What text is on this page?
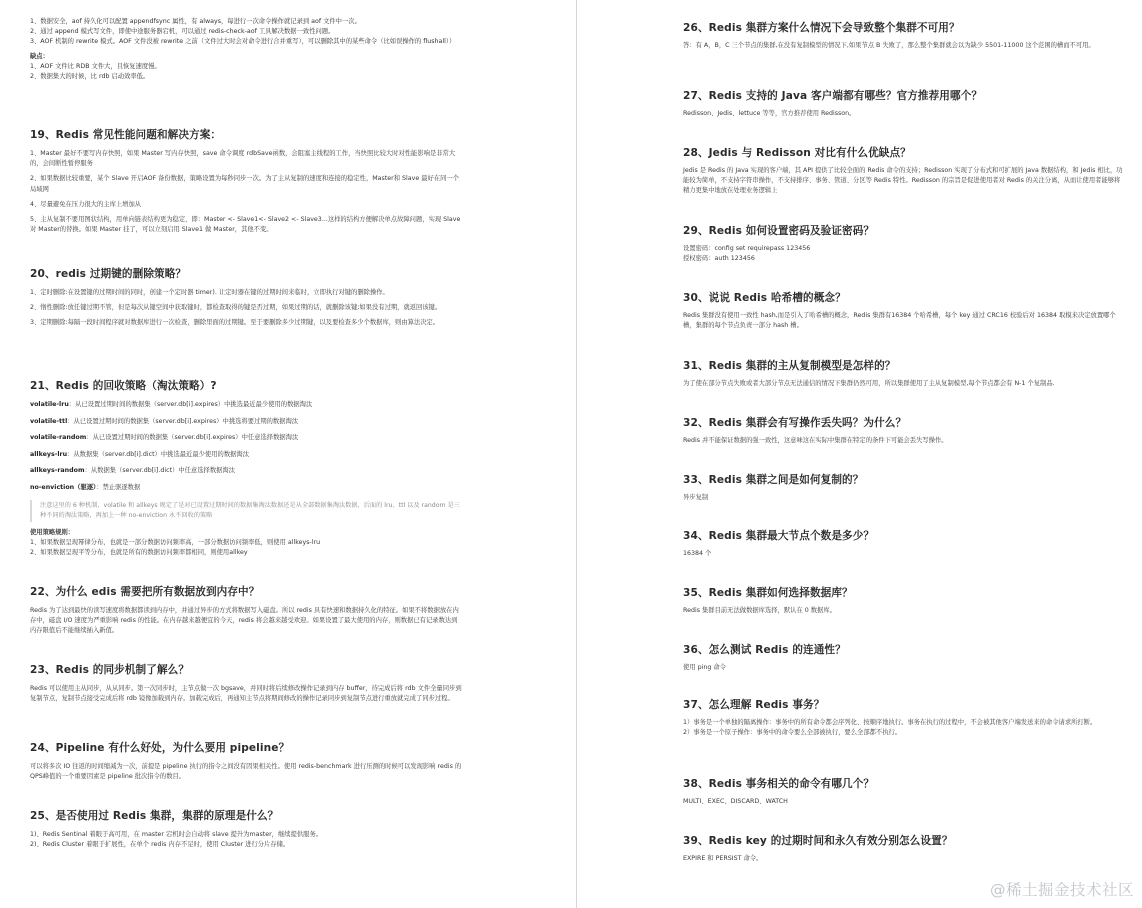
1、数据安全，aof 持久化可以配置 appendfsync 属性，有 always，每进行一次命令操作就记录到 aof 文件中一次。

2、通过 append 模式写文件，即使中途服务器宕机，可以通过 redis-check-aof 工具解决数据一致性问题。

3、AOF 机制的 rewrite 模式。AOF 文件没被 rewrite 之前（文件过大时会对命令进行合并重写），可以删除其中的某些命令（比如误操作的 flushall））

缺点：

1、AOF 文件比 RDB 文件大，且恢复速度慢。

2、数据集大的时候，比 rdb 启动效率低。

19、Redis 常见性能问题和解决方案：

1、Master 最好不要写内存快照，如果 Master 写内存快照，save 命令调度 rdbSave函数，会阻塞主线程的工作，当快照比较大时对性能影响是非常大的，会间断性暂停服务

2、如果数据比较重要，某个 Slave 开启AOF 备份数据，策略设置为每秒同步一次。为了主从复制的速度和连接的稳定性，Master和 Slave 最好在同一个局域网

4、尽量避免在压力很大的主库上增加从

5、主从复制不要用图状结构，用单向链表结构更为稳定，即：Master <- Slave1<- Slave2 <- Slave3...这样的结构方便解决单点故障问题，实现 Slave 对 Master的替换。如果 Master 挂了，可以立刻启用 Slave1 做 Master，其他不变。

20、redis 过期键的删除策略？

1、定时删除:在设置键的过期时间的同时，创建一个定时器 timer). 让定时器在键的过期时间来临时，立即执行对键的删除操作。

2、惰性删除:放任键过期不管，但是每次从键空间中获取键时，都检查取得的键是否过期，如果过期的话，就删除该键;如果没有过期，就返回该键。

3、定期删除:每隔一段时间程序就对数据库进行一次检查，删除里面的过期键。至于要删除多少过期键，以及要检查多少个数据库，则由算法决定。

21、Redis 的回收策略（淘汰策略）?

volatile-lru：从已设置过期时间的数据集（server.db[i].expires）中挑选最近最少使用的数据淘汰

volatile-ttl：从已设置过期时间的数据集（server.db[i].expires）中挑选将要过期的数据淘汰

volatile-random：从已设置过期时间的数据集（server.db[i].expires）中任意选择数据淘汰

allkeys-lru：从数据集（server.db[i].dict）中挑选最近最少使用的数据淘汰

allkeys-random：从数据集（server.db[i].dict）中任意选择数据淘汰

no-enviction（驱逐）：禁止驱逐数据

注意这里的 6 种机制，volatile 和 allkeys 规定了是对已设置过期时间的数据集淘汰数据还是从全部数据集淘汰数据，后面的 lru、ttl 以及 random 是三种不同的淘汰策略，再加上一种 no-enviction 永不回收的策略

使用策略规则：

1、如果数据呈现幂律分布，也就是一部分数据访问频率高，一部分数据访问频率低，则使用 allkeys-lru

2、如果数据呈现平等分布，也就是所有的数据访问频率都相同，则使用allkey

22、为什么 edis 需要把所有数据放到内存中？

Redis 为了达到最快的读写速度将数据都读到内存中，并通过异步的方式将数据写入磁盘。所以 redis 具有快速和数据持久化的特征。如果不将数据放在内存中，磁盘 I/O 速度为严重影响 redis 的性能。在内存越来越便宜的今天，redis 将会越来越受欢迎。如果设置了最大使用的内存，则数据已有记录数达到内存限值后不能继续插入新值。

23、Redis 的同步机制了解么？

Redis 可以使用主从同步，从从同步。第一次同步时，主节点做一次 bgsave，并同时将后续修改操作记录到内存 buffer，待完成后将 rdb 文件全量同步到复制节点，复制节点接受完成后将 rdb 镜像加载到内存。加载完成后，再通知主节点将期间修改的操作记录同步到复制节点进行重放就完成了同步过程。

24、Pipeline 有什么好处，为什么要用 pipeline？

可以将多次 IO 往返的时间缩减为一次，前提是 pipeline 执行的指令之间没有因果相关性。使用 redis-benchmark 进行压测的时候可以发现影响 redis 的 QPS峰值的一个重要因素是 pipeline 批次指令的数目。

25、是否使用过 Redis 集群，集群的原理是什么？

1)、Redis Sentinal 着眼于高可用，在 master 宕机时会自动将 slave 提升为master，继续提供服务。

2)、Redis Cluster 着眼于扩展性，在单个 redis 内存不足时，使用 Cluster 进行分片存储。

26、Redis 集群方案什么情况下会导致整个集群不可用？

答：有 A，B，C 三个节点的集群,在没有复制模型的情况下,如果节点 B 失败了，那么整个集群就会以为缺少 5501-11000 这个范围的槽而不可用。

27、Redis 支持的 Java 客户端都有哪些？官方推荐用哪个？

Redisson、Jedis、lettuce 等等，官方推荐使用 Redisson。

28、Jedis 与 Redisson 对比有什么优缺点？

Jedis 是 Redis 的 Java 实现的客户端，其 API 提供了比较全面的 Redis 命令的支持；Redisson 实现了分布式和可扩展的 Java 数据结构，和 Jedis 相比，功能较为简单，不支持字符串操作，不支持排序、事务、管道、分区等 Redis 特性。Redisson 的宗旨是促进使用者对 Redis 的关注分离，从而让使用者能够将精力更集中地放在处理业务逻辑上

29、Redis 如何设置密码及验证密码？

设置密码：config set requirepass 123456

授权密码：auth 123456

30、说说 Redis 哈希槽的概念？

Redis 集群没有使用一致性 hash,而是引入了哈希槽的概念，Redis 集群有16384 个哈希槽，每个 key 通过 CRC16 校验后对 16384 取模来决定放置哪个槽，集群的每个节点负责一部分 hash 槽。

31、Redis 集群的主从复制模型是怎样的？

为了使在部分节点失败或者大部分节点无法通信的情况下集群仍然可用，所以集群使用了主从复制模型,每个节点都会有 N-1 个复制品.

32、Redis 集群会有写操作丢失吗？为什么？

Redis 并不能保证数据的强一致性，这意味这在实际中集群在特定的条件下可能会丢失写操作。

33、Redis 集群之间是如何复制的？

异步复制

34、Redis 集群最大节点个数是多少？

16384 个

35、Redis 集群如何选择数据库？

Redis 集群目前无法做数据库选择，默认在 0 数据库。

36、怎么测试 Redis 的连通性？

使用 ping 命令

37、怎么理解 Redis 事务？

1）事务是一个单独的隔离操作：事务中的所有命令都会序列化、按顺序地执行。事务在执行的过程中，不会被其他客户端发送来的命令请求所打断。

2）事务是一个原子操作：事务中的命令要么全部被执行，要么全部都不执行。

38、Redis 事务相关的命令有哪几个？

MULTI、EXEC、DISCARD、WATCH

39、Redis key 的过期时间和永久有效分别怎么设置？

EXPIRE 和 PERSIST 命令。

@稀土掘金技术社区
